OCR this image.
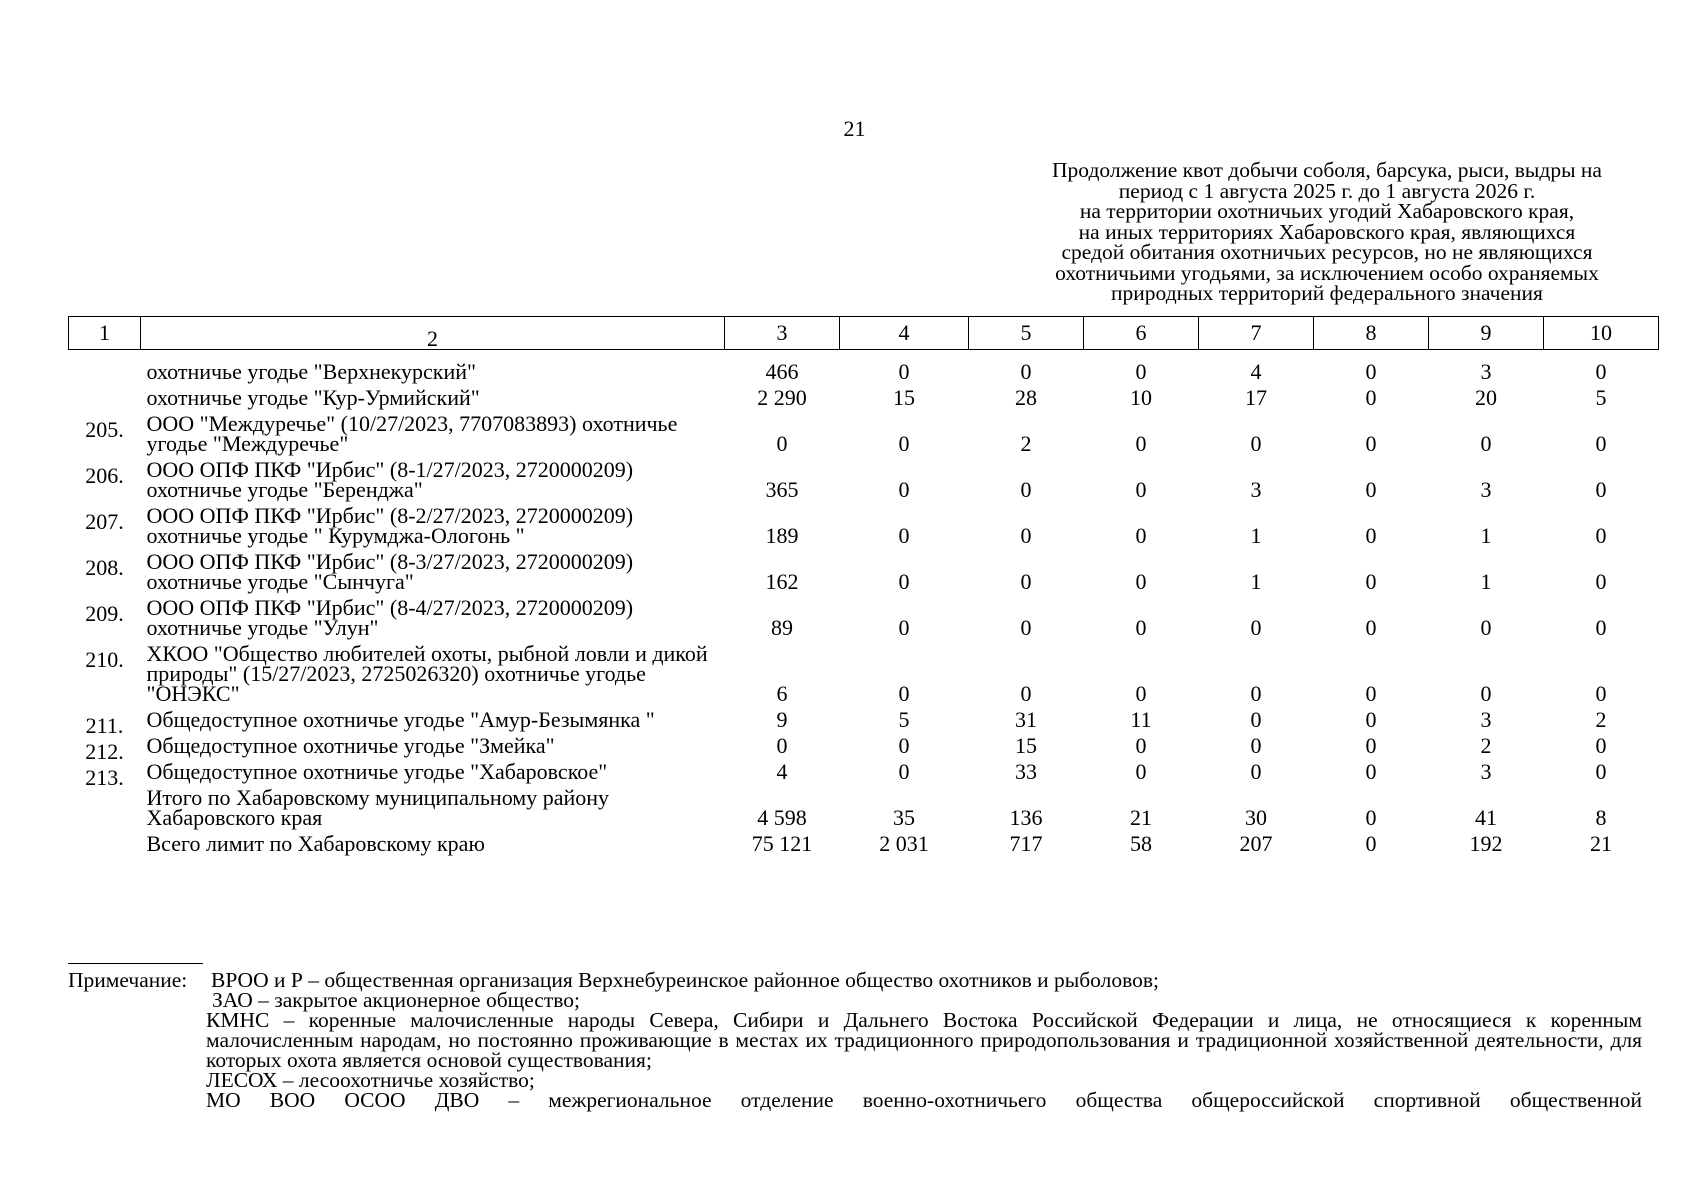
21
Продолжение квот добычи соболя, барсука, рыси, выдры на
период с 1 августа 2025 г. до 1 августа 2026 г.
на территории охотничьих угодий Хабаровского края,
на иных территориях Хабаровского края, являющихся
средой обитания охотничьих ресурсов, но не являющихся
охотничьими угодьями, за исключением особо охраняемых
природных территорий федерального значения
1	2	3	4	5	6	7	8	9	10
	охотничье угодье "Верхнекурский"	466	0	0	0	4	0	3	0
	охотничье угодье "Кур-Урмийский"	2 290	15	28	10	17	0	20	5
205.	ООО "Междуречье" (10/27/2023, 7707083893) охотничье угодье "Междуречье"	0	0	2	0	0	0	0	0
206.	ООО ОПФ ПКФ "Ирбис" (8-1/27/2023, 2720000209) охотничье угодье "Беренджа"	365	0	0	0	3	0	3	0
207.	ООО ОПФ ПКФ "Ирбис" (8-2/27/2023, 2720000209) охотничье угодье " Курумджа-Ологонь "	189	0	0	0	1	0	1	0
208.	ООО ОПФ ПКФ "Ирбис" (8-3/27/2023, 2720000209) охотничье угодье "Сынчуга"	162	0	0	0	1	0	1	0
209.	ООО ОПФ ПКФ "Ирбис" (8-4/27/2023, 2720000209) охотничье угодье "Улун"	89	0	0	0	0	0	0	0
210.	ХКОО "Общество любителей охоты, рыбной ловли и дикой природы" (15/27/2023, 2725026320) охотничье угодье "ОНЭКС"	6	0	0	0	0	0	0	0
211.	Общедоступное охотничье угодье "Амур-Безымянка "	9	5	31	11	0	0	3	2
212.	Общедоступное охотничье угодье "Змейка"	0	0	15	0	0	0	2	0
213.	Общедоступное охотничье угодье "Хабаровское"	4	0	33	0	0	0	3	0
	Итого по Хабаровскому муниципальному району Хабаровского края	4 598	35	136	21	30	0	41	8
	Всего лимит по Хабаровскому краю	75 121	2 031	717	58	207	0	192	21
Примечание: ВРОО и Р – общественная организация Верхнебуреинское районное общество охотников и рыболовов;
ЗАО – закрытое акционерное общество;
КМНС – коренные малочисленные народы Севера, Сибири и Дальнего Востока Российской Федерации и лица, не относящиеся к коренным малочисленным народам, но постоянно проживающие в местах их традиционного природопользования и традиционной хозяйственной деятельности, для которых охота является основой существования;
ЛЕСОХ – лесоохотничье хозяйство;
МО ВОО ОСОО ДВО – межрегиональное отделение военно-охотничьего общества общероссийской спортивной общественной
